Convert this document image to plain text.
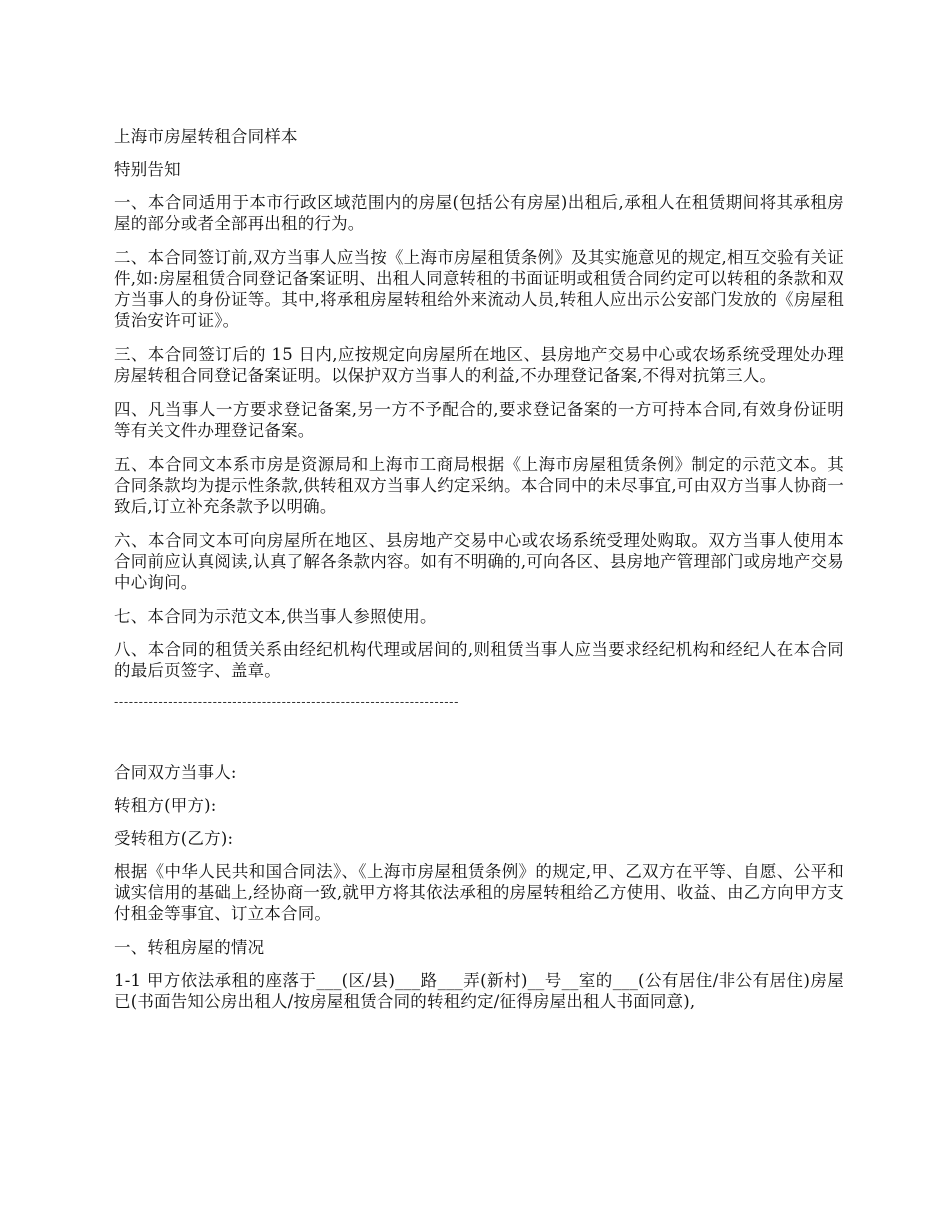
上海市房屋转租合同样本

特别告知

一、本合同适用于本市行政区域范围内的房屋(包括公有房屋)出租后,承租人在租赁期间将其承租房屋的部分或者全部再出租的行为。

二、本合同签订前,双方当事人应当按《上海市房屋租赁条例》及其实施意见的规定,相互交验有关证件,如:房屋租赁合同登记备案证明、出租人同意转租的书面证明或租赁合同约定可以转租的条款和双方当事人的身份证等。其中,将承租房屋转租给外来流动人员,转租人应出示公安部门发放的《房屋租赁治安许可证》。

三、本合同签订后的 15 日内,应按规定向房屋所在地区、县房地产交易中心或农场系统受理处办理房屋转租合同登记备案证明。以保护双方当事人的利益,不办理登记备案,不得对抗第三人。

四、凡当事人一方要求登记备案,另一方不予配合的,要求登记备案的一方可持本合同,有效身份证明等有关文件办理登记备案。

五、本合同文本系市房是资源局和上海市工商局根据《上海市房屋租赁条例》制定的示范文本。其合同条款均为提示性条款,供转租双方当事人约定采纳。本合同中的未尽事宜,可由双方当事人协商一致后,订立补充条款予以明确。

六、本合同文本可向房屋所在地区、县房地产交易中心或农场系统受理处购取。双方当事人使用本合同前应认真阅读,认真了解各条款内容。如有不明确的,可向各区、县房地产管理部门或房地产交易中心询问。

七、本合同为示范文本,供当事人参照使用。

八、本合同的租赁关系由经纪机构代理或居间的,则租赁当事人应当要求经纪机构和经纪人在本合同的最后页签字、盖章。

----------------------------------------------------------------------

合同双方当事人:

转租方(甲方):

受转租方(乙方):

根据《中华人民共和国合同法》、《上海市房屋租赁条例》的规定,甲、乙双方在平等、自愿、公平和诚实信用的基础上,经协商一致,就甲方将其依法承租的房屋转租给乙方使用、收益、由乙方向甲方支付租金等事宜、订立本合同。

一、转租房屋的情况

1-1 甲方依法承租的座落于___(区/县)___路___弄(新村)__号__室的___(公有居住/非公有居住)房屋已(书面告知公房出租人/按房屋租赁合同的转租约定/征得房屋出租人书面同意),
